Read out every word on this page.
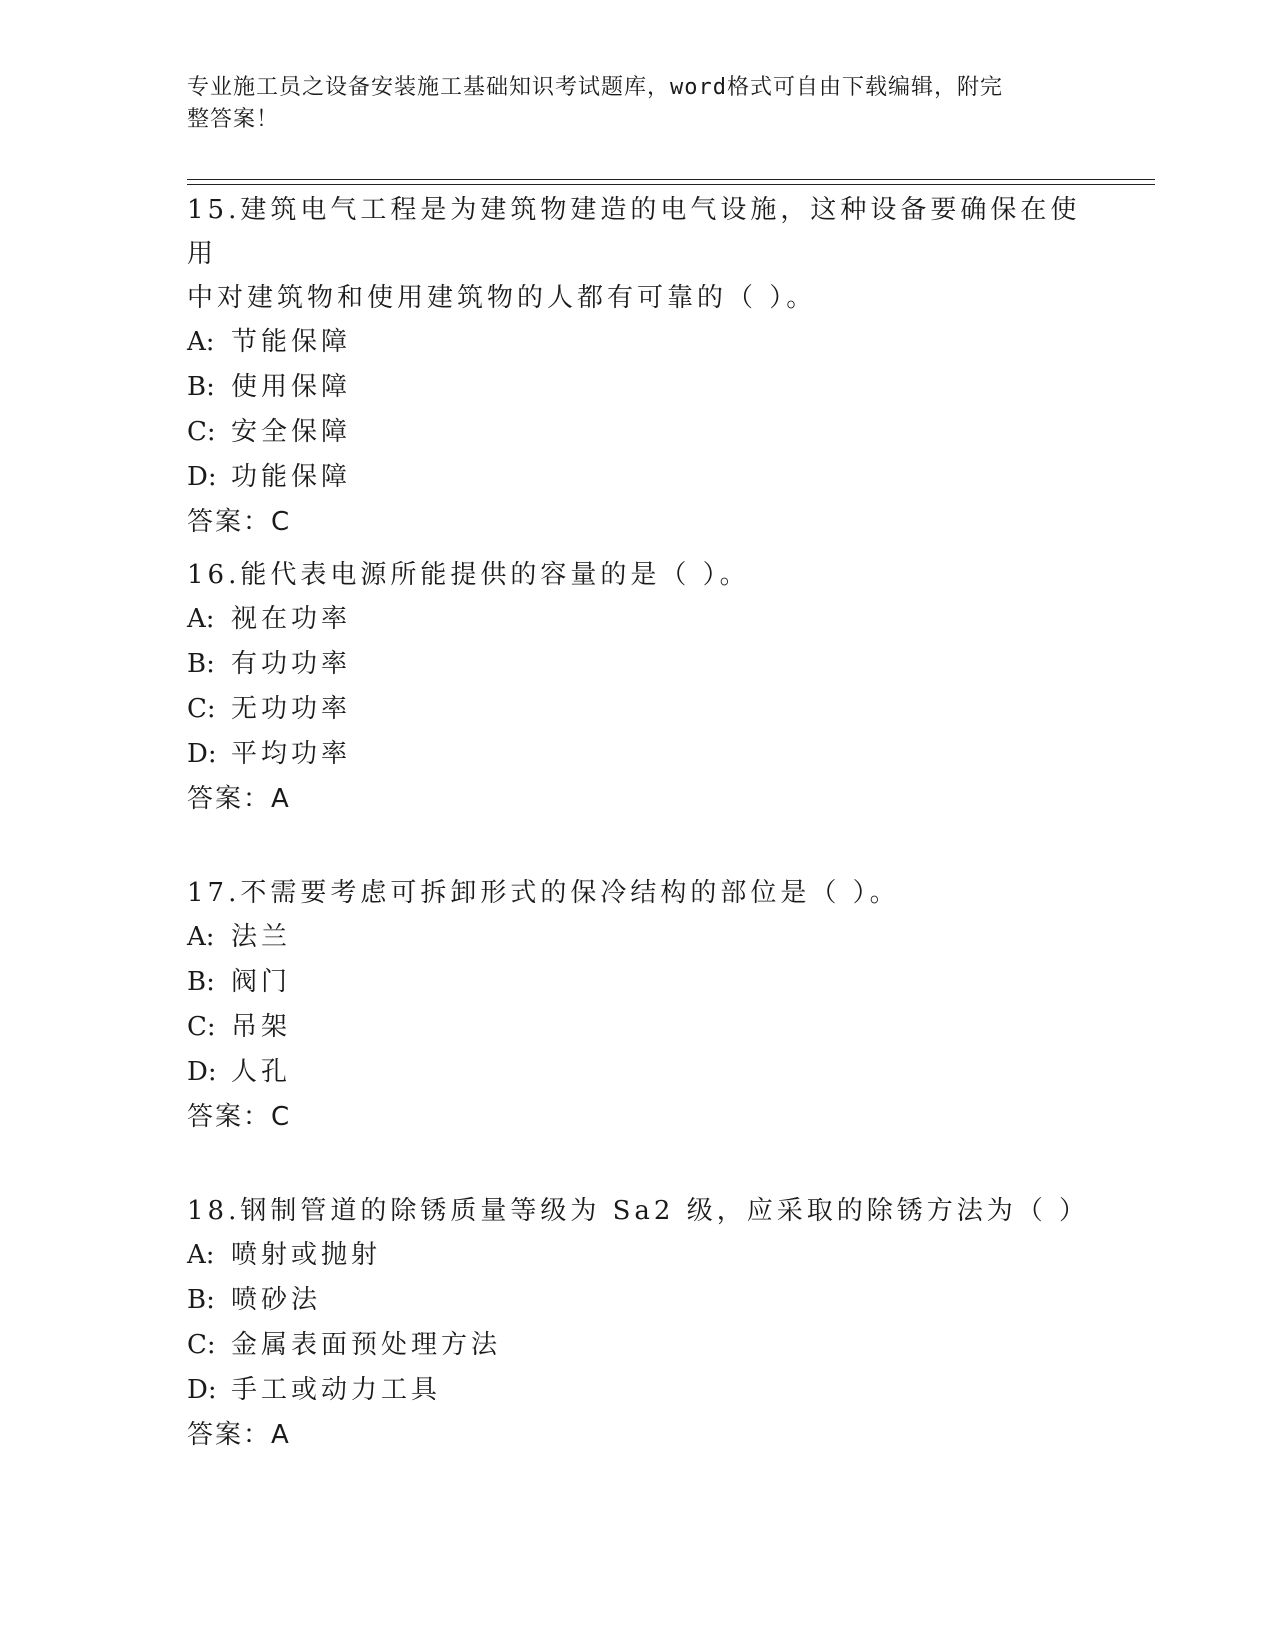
专业施工员之设备安装施工基础知识考试题库，word格式可自由下载编辑，附完
整答案！

15.建筑电气工程是为建筑物建造的电气设施，这种设备要确保在使用

中对建筑物和使用建筑物的人都有可靠的（ ）。

A: 节能保障

B: 使用保障

C: 安全保障

D: 功能保障

答案：C

16.能代表电源所能提供的容量的是（ ）。

A: 视在功率

B: 有功功率

C: 无功功率

D: 平均功率

答案：A

17.不需要考虑可拆卸形式的保冷结构的部位是（ ）。

A: 法兰

B: 阀门

C: 吊架

D: 人孔

答案：C

18.钢制管道的除锈质量等级为 Sa2 级，应采取的除锈方法为（ ）

A: 喷射或抛射

B: 喷砂法

C: 金属表面预处理方法

D: 手工或动力工具

答案：A
